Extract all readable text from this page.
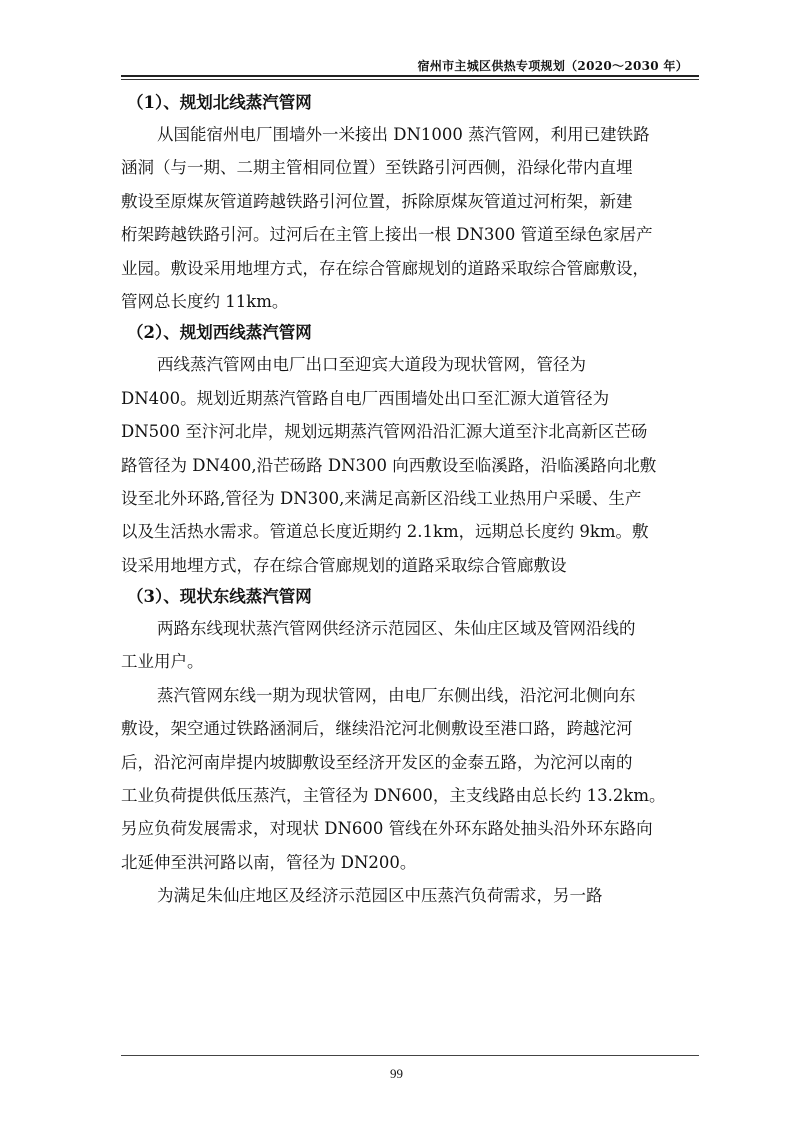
宿州市主城区供热专项规划（2020～2030 年）
（1）、规划北线蒸汽管网
从国能宿州电厂围墙外一米接出 DN1000 蒸汽管网，利用已建铁路
涵洞（与一期、二期主管相同位置）至铁路引河西侧，沿绿化带内直埋
敷设至原煤灰管道跨越铁路引河位置，拆除原煤灰管道过河桁架，新建
桁架跨越铁路引河。过河后在主管上接出一根 DN300 管道至绿色家居产
业园。敷设采用地埋方式，存在综合管廊规划的道路采取综合管廊敷设，
管网总长度约 11km。
（2）、规划西线蒸汽管网
西线蒸汽管网由电厂出口至迎宾大道段为现状管网，管径为
DN400。规划近期蒸汽管路自电厂西围墙处出口至汇源大道管径为
DN500 至汴河北岸，规划远期蒸汽管网沿沿汇源大道至汴北高新区芒砀
路管径为 DN400,沿芒砀路 DN300 向西敷设至临溪路，沿临溪路向北敷
设至北外环路,管径为 DN300,来满足高新区沿线工业热用户采暖、生产
以及生活热水需求。管道总长度近期约 2.1km，远期总长度约 9km。敷
设采用地埋方式，存在综合管廊规划的道路采取综合管廊敷设
（3）、现状东线蒸汽管网
两路东线现状蒸汽管网供经济示范园区、朱仙庄区域及管网沿线的
工业用户。
蒸汽管网东线一期为现状管网，由电厂东侧出线，沿沱河北侧向东
敷设，架空通过铁路涵洞后，继续沿沱河北侧敷设至港口路，跨越沱河
后，沿沱河南岸提内坡脚敷设至经济开发区的金泰五路，为沱河以南的
工业负荷提供低压蒸汽，主管径为 DN600，主支线路由总长约 13.2km。
另应负荷发展需求，对现状 DN600 管线在外环东路处抽头沿外环东路向
北延伸至洪河路以南，管径为 DN200。
为满足朱仙庄地区及经济示范园区中压蒸汽负荷需求，另一路
99
